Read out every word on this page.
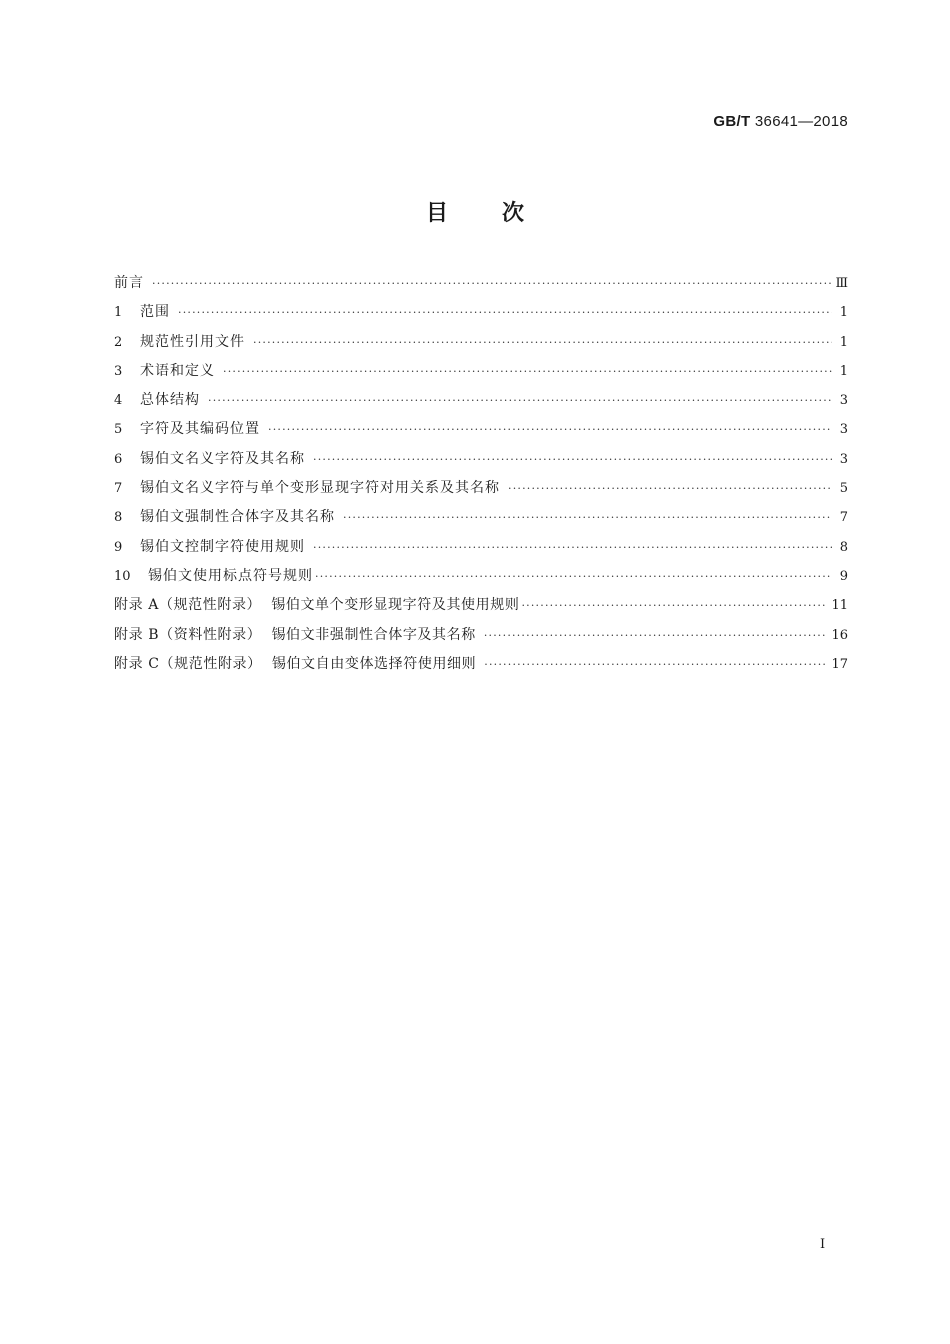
GB/T 36641—2018
目 次
前言 ·····	Ⅲ
1	范围 ·····	1
2	规范性引用文件 ·····	1
3	术语和定义 ·····	1
4	总体结构 ·····	3
5	字符及其编码位置 ·····	3
6	锡伯文名义字符及其名称 ·····	3
7	锡伯文名义字符与单个变形显现字符对用关系及其名称 ·····	5
8	锡伯文强制性合体字及其名称 ·····	7
9	锡伯文控制字符使用规则 ·····	8
10	锡伯文使用标点符号规则 ·····	9
附录 A（规范性附录）  锡伯文单个变形显现字符及其使用规则 ·····	11
附录 B（资料性附录）  锡伯文非强制性合体字及其名称 ·····	16
附录 C（规范性附录）  锡伯文自由变体选择符使用细则 ·····	17
I
